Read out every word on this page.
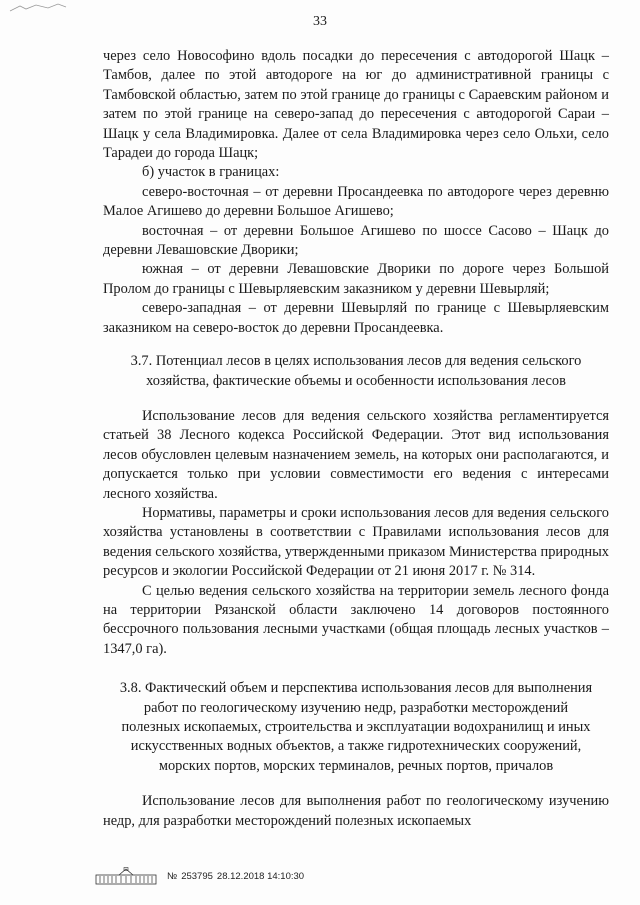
33

через село Новософино вдоль посадки до пересечения с автодорогой Шацк – Тамбов, далее по этой автодороге на юг до административной границы с Тамбовской областью, затем по этой границе до границы с Сараевским районом и затем по этой границе на северо-запад до пересечения с автодорогой Сараи – Шацк у села Владимировка. Далее от села Владимировка через село Ольхи, село Тарадеи до города Шацк;

б) участок в границах:

северо-восточная – от деревни Просандеевка по автодороге через деревню Малое Агишево до деревни Большое Агишево;

восточная – от деревни Большое Агишево по шоссе Сасово – Шацк до деревни Левашовские Дворики;

южная – от деревни Левашовские Дворики по дороге через Большой Пролом до границы с Шевырляевским заказником у деревни Шевырляй;

северо-западная – от деревни Шевырляй по границе с Шевырляевским заказником на северо-восток до деревни Просандеевка.

3.7. Потенциал лесов в целях использования лесов для ведения сельского хозяйства, фактические объемы и особенности использования лесов

Использование лесов для ведения сельского хозяйства регламентируется статьей 38 Лесного кодекса Российской Федерации. Этот вид использования лесов обусловлен целевым назначением земель, на которых они располагаются, и допускается только при условии совместимости его ведения с интересами лесного хозяйства.

Нормативы, параметры и сроки использования лесов для ведения сельского хозяйства установлены в соответствии с Правилами использования лесов для ведения сельского хозяйства, утвержденными приказом Министерства природных ресурсов и экологии Российской Федерации от 21 июня 2017 г. № 314.

С целью ведения сельского хозяйства на территории земель лесного фонда на территории Рязанской области заключено 14 договоров постоянного бессрочного пользования лесными участками (общая площадь лесных участков – 1347,0 га).

3.8. Фактический объем и перспектива использования лесов для выполнения работ по геологическому изучению недр, разработки месторождений полезных ископаемых, строительства и эксплуатации водохранилищ и иных искусственных водных объектов, а также гидротехнических сооружений, морских портов, морских терминалов, речных портов, причалов

Использование лесов для выполнения работ по геологическому изучению недр, для разработки месторождений полезных ископаемых

№ 253795 28.12.2018 14:10:30
